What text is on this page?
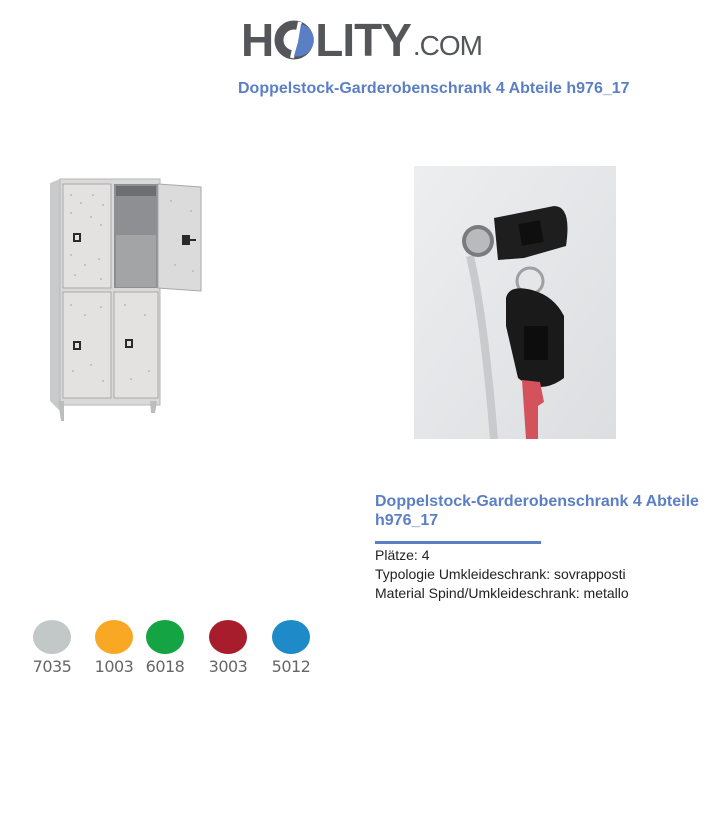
H LITY .COM
Doppelstock-Garderobenschrank 4 Abteile h976_17
Doppelstock-Garderobenschrank 4 Abteile h976_17
Plätze: 4
Typologie Umkleideschrank: sovrapposti
Material Spind/Umkleideschrank: metallo
7035	1003 6018	3003	5012
